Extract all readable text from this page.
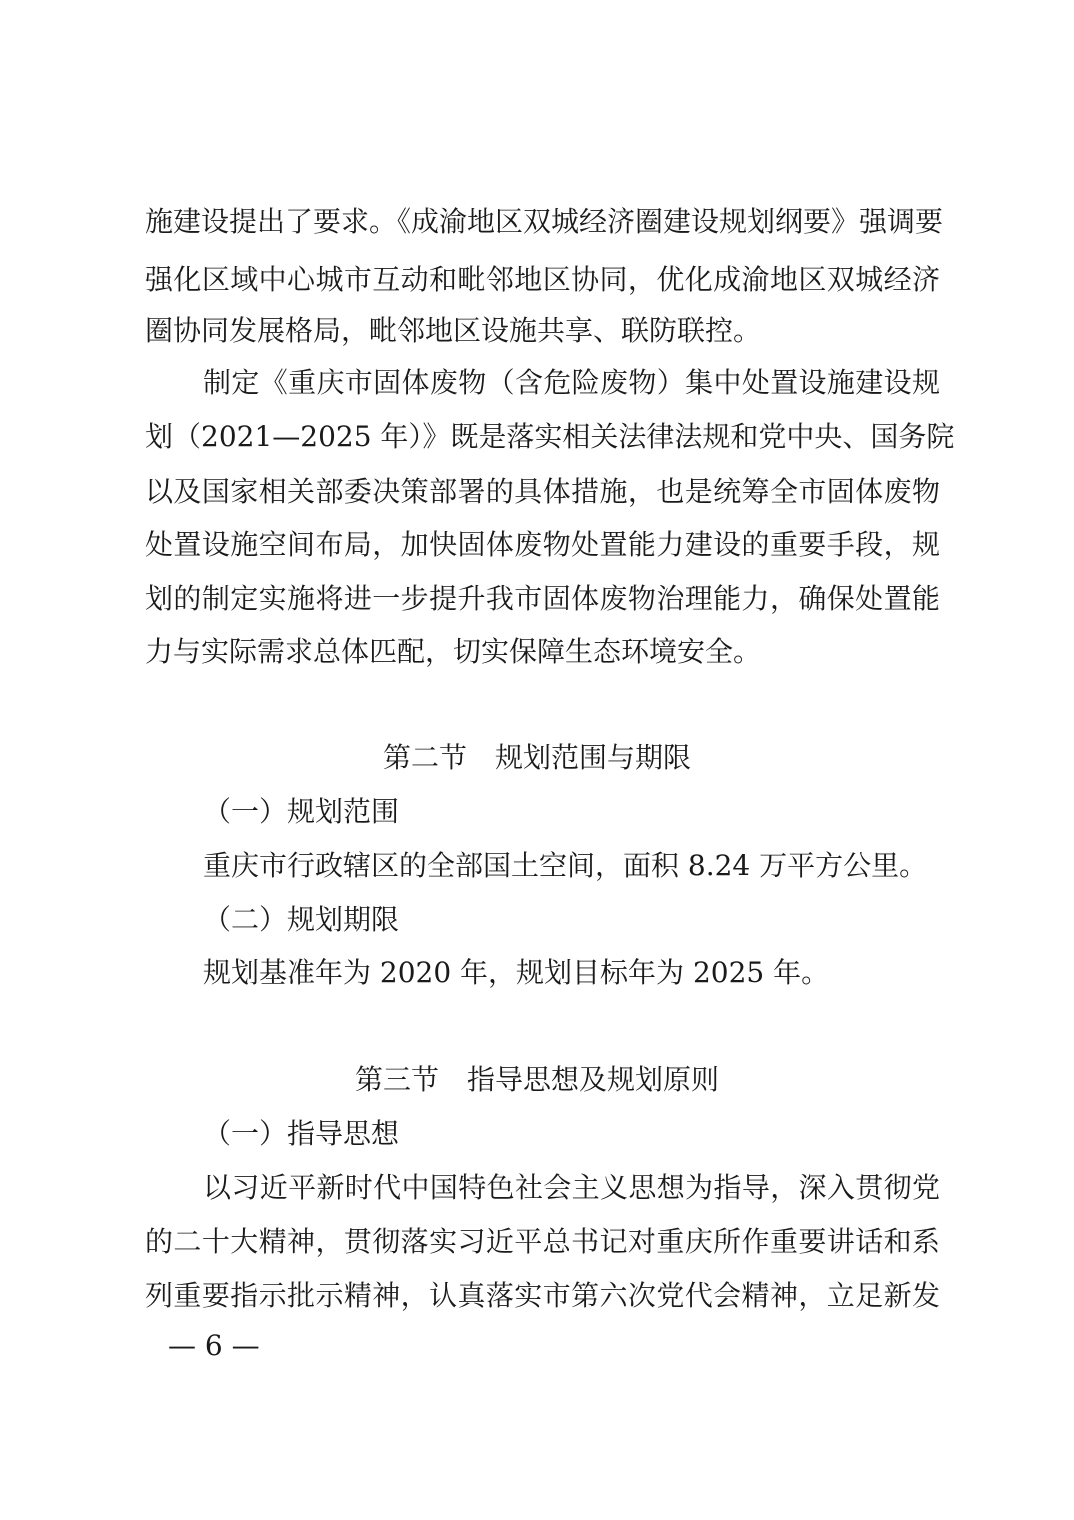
施建设提出了要求。《成渝地区双城经济圈建设规划纲要》强调要
强化区域中心城市互动和毗邻地区协同，优化成渝地区双城经济
圈协同发展格局，毗邻地区设施共享、联防联控。
制定《重庆市固体废物（含危险废物）集中处置设施建设规
划（2021—2025 年）》既是落实相关法律法规和党中央、国务院
以及国家相关部委决策部署的具体措施，也是统筹全市固体废物
处置设施空间布局，加快固体废物处置能力建设的重要手段，规
划的制定实施将进一步提升我市固体废物治理能力，确保处置能
力与实际需求总体匹配，切实保障生态环境安全。
第二节　规划范围与期限
（一）规划范围
重庆市行政辖区的全部国土空间，面积 8.24 万平方公里。
（二）规划期限
规划基准年为 2020 年，规划目标年为 2025 年。
第三节　指导思想及规划原则
（一）指导思想
以习近平新时代中国特色社会主义思想为指导，深入贯彻党
的二十大精神，贯彻落实习近平总书记对重庆所作重要讲话和系
列重要指示批示精神，认真落实市第六次党代会精神，立足新发
— 6 —
